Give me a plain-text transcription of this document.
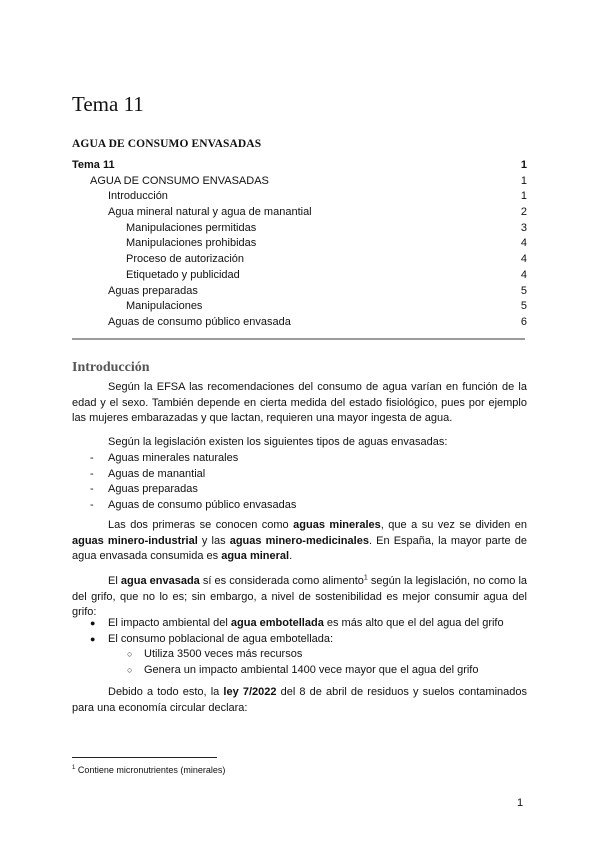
Tema 11
AGUA DE CONSUMO ENVASADAS
Tema 11	1
AGUA DE CONSUMO ENVASADAS	1
Introducción	1
Agua mineral natural y agua de manantial	2
Manipulaciones permitidas	3
Manipulaciones prohibidas	4
Proceso de autorización	4
Etiquetado y publicidad	4
Aguas preparadas	5
Manipulaciones	5
Aguas de consumo público envasada	6
Introducción

Según la EFSA las recomendaciones del consumo de agua varían en función de la edad y el sexo. También depende en cierta medida del estado fisiológico, pues por ejemplo las mujeres embarazadas y que lactan, requieren una mayor ingesta de agua.

Según la legislación existen los siguientes tipos de aguas envasadas:

- Aguas minerales naturales
- Aguas de manantial
- Aguas preparadas
- Aguas de consumo público envasadas

Las dos primeras se conocen como aguas minerales, que a su vez se dividen en aguas minero-industrial y las aguas minero-medicinales. En España, la mayor parte de agua envasada consumida es agua mineral.

El agua envasada sí es considerada como alimento$^1$ según la legislación, no como la del grifo, que no lo es; sin embargo, a nivel de sostenibilidad es mejor consumir agua del grifo:

● El impacto ambiental del agua embotellada es más alto que el del agua del grifo
● El consumo poblacional de agua embotellada:
○ Utiliza 3500 veces más recursos
○ Genera un impacto ambiental 1400 vece mayor que el agua del grifo

Debido a todo esto, la ley 7/2022 del 8 de abril de residuos y suelos contaminados para una economía circular declara:

$^1$ Contiene micronutrientes (minerales)
1
